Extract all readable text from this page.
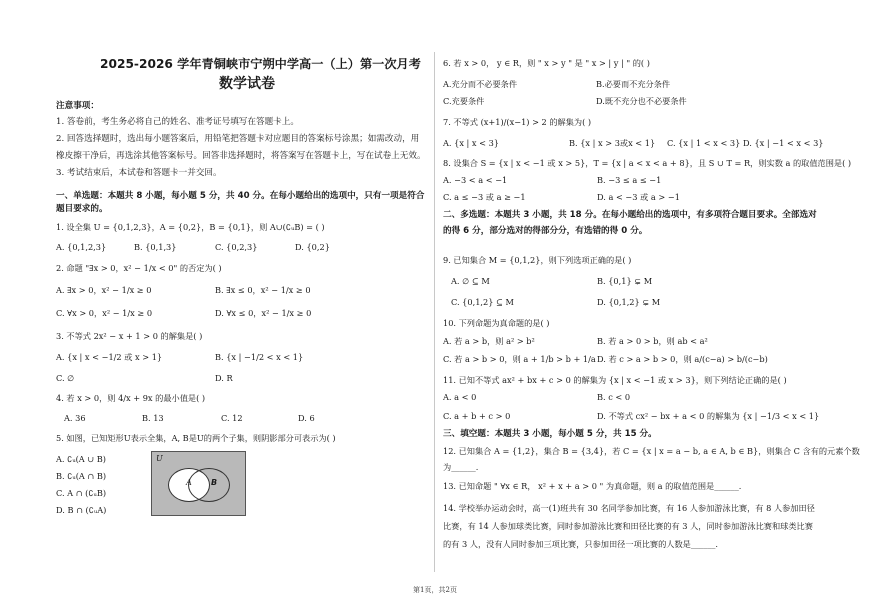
2025-2026 学年青铜峡市宁朔中学高一（上）第一次月考
数学试卷
注意事项：
1. 答卷前，考生务必将自己的姓名、准考证号填写在答题卡上。
2. 回答选择题时，选出每小题答案后，用铅笔把答题卡对应题目的答案标号涂黑；如需改动，用
橡皮擦干净后，再选涂其他答案标号。回答非选择题时，将答案写在答题卡上，写在试卷上无效。
3. 考试结束后，本试卷和答题卡一并交回。
一、单选题：本题共 8 小题，每小题 5 分，共 40 分。在每小题给出的选项中，只有一项是符合
题目要求的。
1. 设全集 U = {0,1,2,3}，A = {0,2}，B = {0,1}，则 A∪(∁ᵤB) = ( )
A. {0,1,2,3}	B. {0,1,3}	C. {0,2,3}	D. {0,2}
2. 命题 "∃x > 0，x² − 1/x < 0" 的否定为( )
A. ∃x > 0，x² − 1/x ≥ 0	B. ∃x ≤ 0，x² − 1/x ≥ 0
C. ∀x > 0，x² − 1/x ≥ 0	D. ∀x ≤ 0，x² − 1/x ≥ 0
3. 不等式 2x² − x + 1 > 0 的解集是( )
A. {x | x < −1/2 或 x > 1}	B. {x | −1/2 < x < 1}
C. ∅	D. R
4. 若 x > 0，则 4/x + 9x 的最小值是( )
A. 36	B. 13	C. 12	D. 6
5. 如图，已知矩形U表示全集，A, B是U的两个子集，则阴影部分可表示为( )
A. ∁ᵤ(A ∪ B)
B. ∁ᵤ(A ∩ B)
C. A ∩ (∁ᵤB)
D. B ∩ (∁ᵤA)
U
A B
6. 若 x > 0， y ∈ R，则 " x > y " 是 " x > | y | " 的( )
A.充分而不必要条件	B.必要而不充分条件
C.充要条件	D.既不充分也不必要条件
7. 不等式 (x+1)/(x−1) > 2 的解集为( )
A. {x | x < 3}	B. {x | x > 3或x < 1} C. {x | 1 < x < 3} D. {x | −1 < x < 3}
8. 设集合 S = {x | x < −1 或 x > 5}，T = {x | a < x < a + 8}，且 S ∪ T = R，则实数 a 的取值范围是( )
A. −3 < a < −1	B. −3 ≤ a ≤ −1
C. a ≤ −3 或 a ≥ −1	D. a < −3 或 a > −1
二、多选题：本题共 3 小题，共 18 分。在每小题给出的选项中，有多项符合题目要求。全部选对
的得 6 分，部分选对的得部分分，有选错的得 0 分。
9. 已知集合 M = {0,1,2}，则下列选项正确的是( )
A. ∅ ⊆ M	B. {0,1} ⊊ M
C. {0,1,2} ⊆ M	D. {0,1,2} ⊊ M
10. 下列命题为真命题的是( )
A. 若 a > b，则 a² > b²	B. 若 a > 0 > b，则 ab < a²
C. 若 a > b > 0，则 a + 1/b > b + 1/a D. 若 c > a > b > 0，则 a/(c−a) > b/(c−b)
11. 已知不等式 ax² + bx + c > 0 的解集为 {x | x < −1 或 x > 3}，则下列结论正确的是( )
A. a < 0	B. c < 0
C. a + b + c > 0	D. 不等式 cx² − bx + a < 0 的解集为 {x | −1/3 < x < 1}
三、填空题：本题共 3 小题，每小题 5 分，共 15 分。
12. 已知集合 A = {1,2}，集合 B = {3,4}，若 C = {x | x = a − b, a ∈ A, b ∈ B}，则集合 C 含有的元素个数
为______.
13. 已知命题 " ∀x ∈ R， x² + x + a > 0 " 为真命题，则 a 的取值范围是______.
14. 学校举办运动会时，高一(1)班共有 30 名同学参加比赛，有 16 人参加游泳比赛，有 8 人参加田径
比赛，有 14 人参加球类比赛，同时参加游泳比赛和田径比赛的有 3 人，同时参加游泳比赛和球类比赛
的有 3 人，没有人同时参加三项比赛，只参加田径一项比赛的人数是______.
第1页，共2页
